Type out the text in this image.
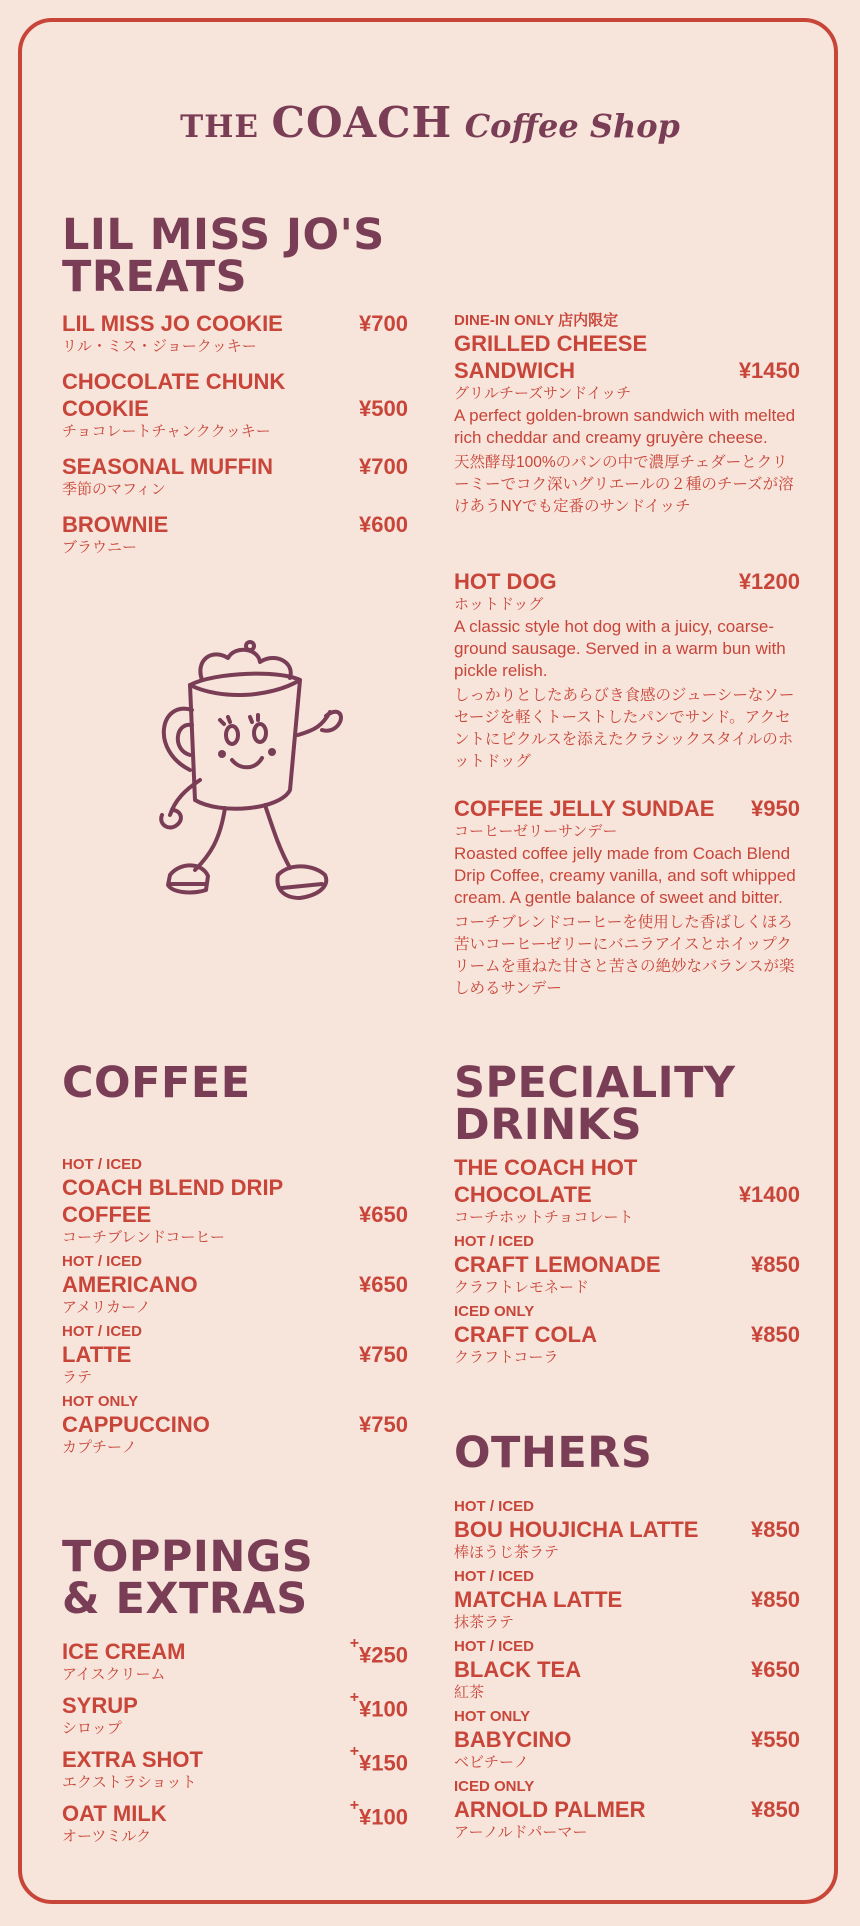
THE COACH Coffee Shop
LIL MISS JO'S TREATS
¥700
LIL MISS JO COOKIE
リル・ミス・ジョークッキー
¥500
CHOCOLATE CHUNK COOKIE
チョコレートチャンククッキー
¥700
SEASONAL MUFFIN
季節のマフィン
¥600
BROWNIE
ブラウニー
DINE-IN ONLY 店内限定
¥1450
GRILLED CHEESE SANDWICH
グリルチーズサンドイッチ
A perfect golden-brown sandwich with melted rich cheddar and creamy gruyère cheese.
天然酵母100%のパンの中で濃厚チェダーとクリーミーでコク深いグリエールの２種のチーズが溶けあうNYでも定番のサンドイッチ
¥1200
HOT DOG
ホットドッグ
A classic style hot dog with a juicy, coarse-ground sausage. Served in a warm bun with pickle relish.
しっかりとしたあらびき食感のジューシーなソーセージを軽くトーストしたパンでサンド。アクセントにピクルスを添えたクラシックスタイルのホットドッグ
¥950
COFFEE JELLY SUNDAE
コーヒーゼリーサンデー
Roasted coffee jelly made from Coach Blend Drip Coffee, creamy vanilla, and soft whipped cream. A gentle balance of sweet and bitter.
コーチブレンドコーヒーを使用した香ばしくほろ苦いコーヒーゼリーにバニラアイスとホイップクリームを重ねた甘さと苦さの絶妙なバランスが楽しめるサンデー
COFFEE
HOT / ICED
¥650
COACH BLEND DRIP COFFEE
コーチブレンドコーヒー
HOT / ICED
¥650
AMERICANO
アメリカーノ
HOT / ICED
¥750
LATTE
ラテ
HOT ONLY
¥750
CAPPUCCINO
カプチーノ
TOPPINGS & EXTRAS
+¥250
ICE CREAM
アイスクリーム
+¥100
SYRUP
シロップ
+¥150
EXTRA SHOT
エクストラショット
+¥100
OAT MILK
オーツミルク
SPECIALITY DRINKS
¥1400
THE COACH HOT CHOCOLATE
コーチホットチョコレート
HOT / ICED
¥850
CRAFT LEMONADE
クラフトレモネード
ICED ONLY
¥850
CRAFT COLA
クラフトコーラ
OTHERS
HOT / ICED
¥850
BOU HOUJICHA LATTE
棒ほうじ茶ラテ
HOT / ICED
¥850
MATCHA LATTE
抹茶ラテ
HOT / ICED
¥650
BLACK TEA
紅茶
HOT ONLY
¥550
BABYCINO
ベビチーノ
ICED ONLY
¥850
ARNOLD PALMER
アーノルドパーマー
